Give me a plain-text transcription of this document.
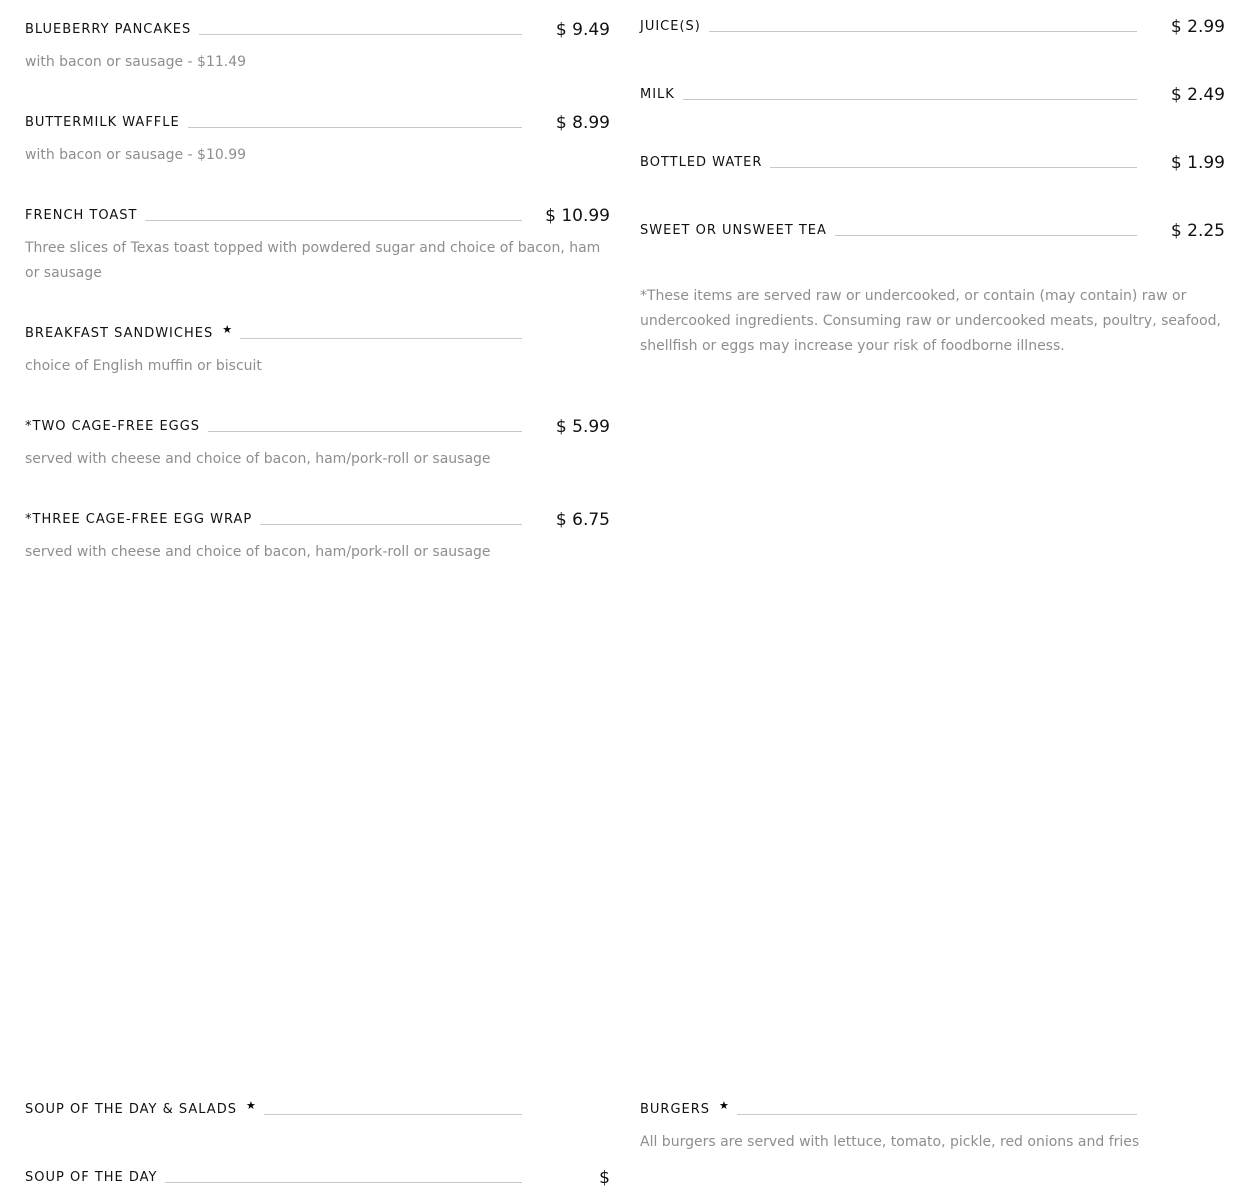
BLUEBERRY PANCAKES	$ 9.49
with bacon or sausage - $11.49
BUTTERMILK WAFFLE	$ 8.99
with bacon or sausage - $10.99
FRENCH TOAST	$ 10.99
Three slices of Texas toast topped with powdered sugar and choice of bacon, ham or sausage
BREAKFAST SANDWICHES ★
choice of English muffin or biscuit
*TWO CAGE-FREE EGGS	$ 5.99
served with cheese and choice of bacon, ham/pork-roll or sausage
*THREE CAGE-FREE EGG WRAP	$ 6.75
served with cheese and choice of bacon, ham/pork-roll or sausage
SOUP OF THE DAY & SALADS ★
SOUP OF THE DAY	$
JUICE(S)	$ 2.99
MILK	$ 2.49
BOTTLED WATER	$ 1.99
SWEET OR UNSWEET TEA	$ 2.25
*These items are served raw or undercooked, or contain (may contain) raw or undercooked ingredients. Consuming raw or undercooked meats, poultry, seafood, shellfish or eggs may increase your risk of foodborne illness.
BURGERS ★
All burgers are served with lettuce, tomato, pickle, red onions and fries
